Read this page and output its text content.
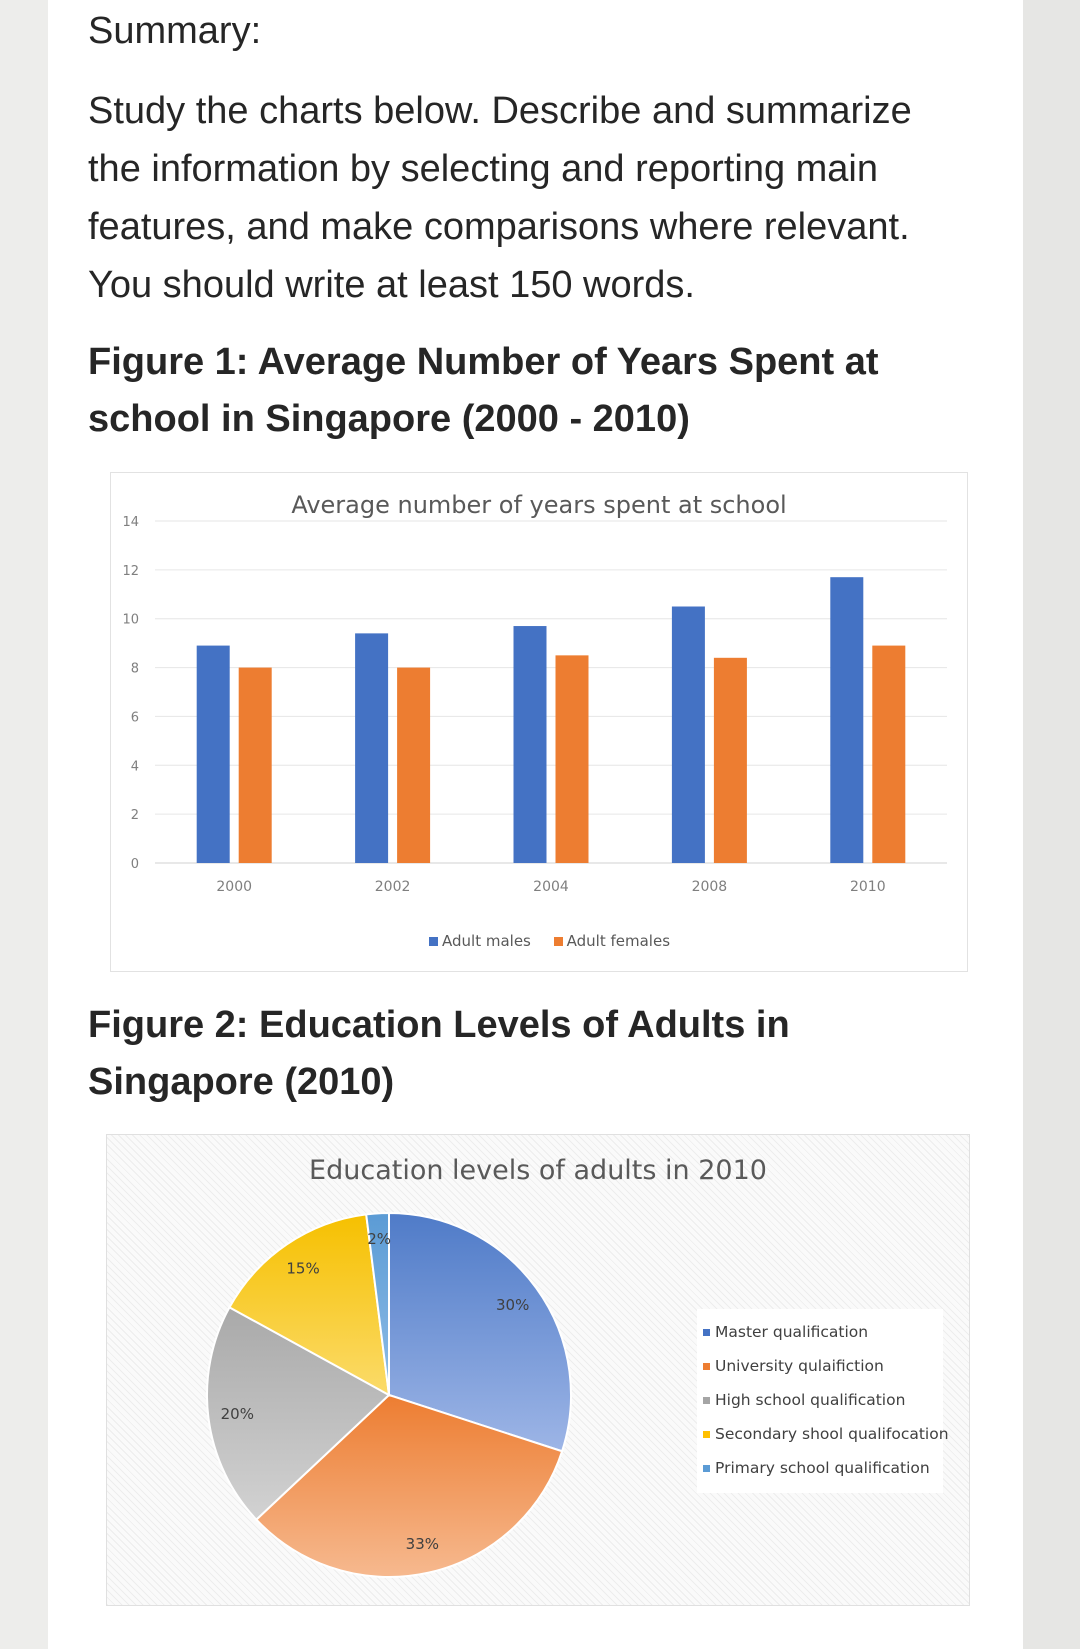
Summary:

Study the charts below. Describe and summarize the information by selecting and reporting main features, and make comparisons where relevant. You should write at least 150 words.

Figure 1: Average Number of Years Spent at school in Singapore (2000 - 2010)
Average number of years spent at school
0
2
4
6
8
10
12
14
2000	2002	2004	2008	2010
Adult males Adult females
Figure 2: Education Levels of Adults in Singapore (2010)
Education levels of adults in 2010
30%
33%
20%
15%
2%
Master qualification
University qulaifiction
High school qualification
Secondary shool qualifocation
Primary school qualification
